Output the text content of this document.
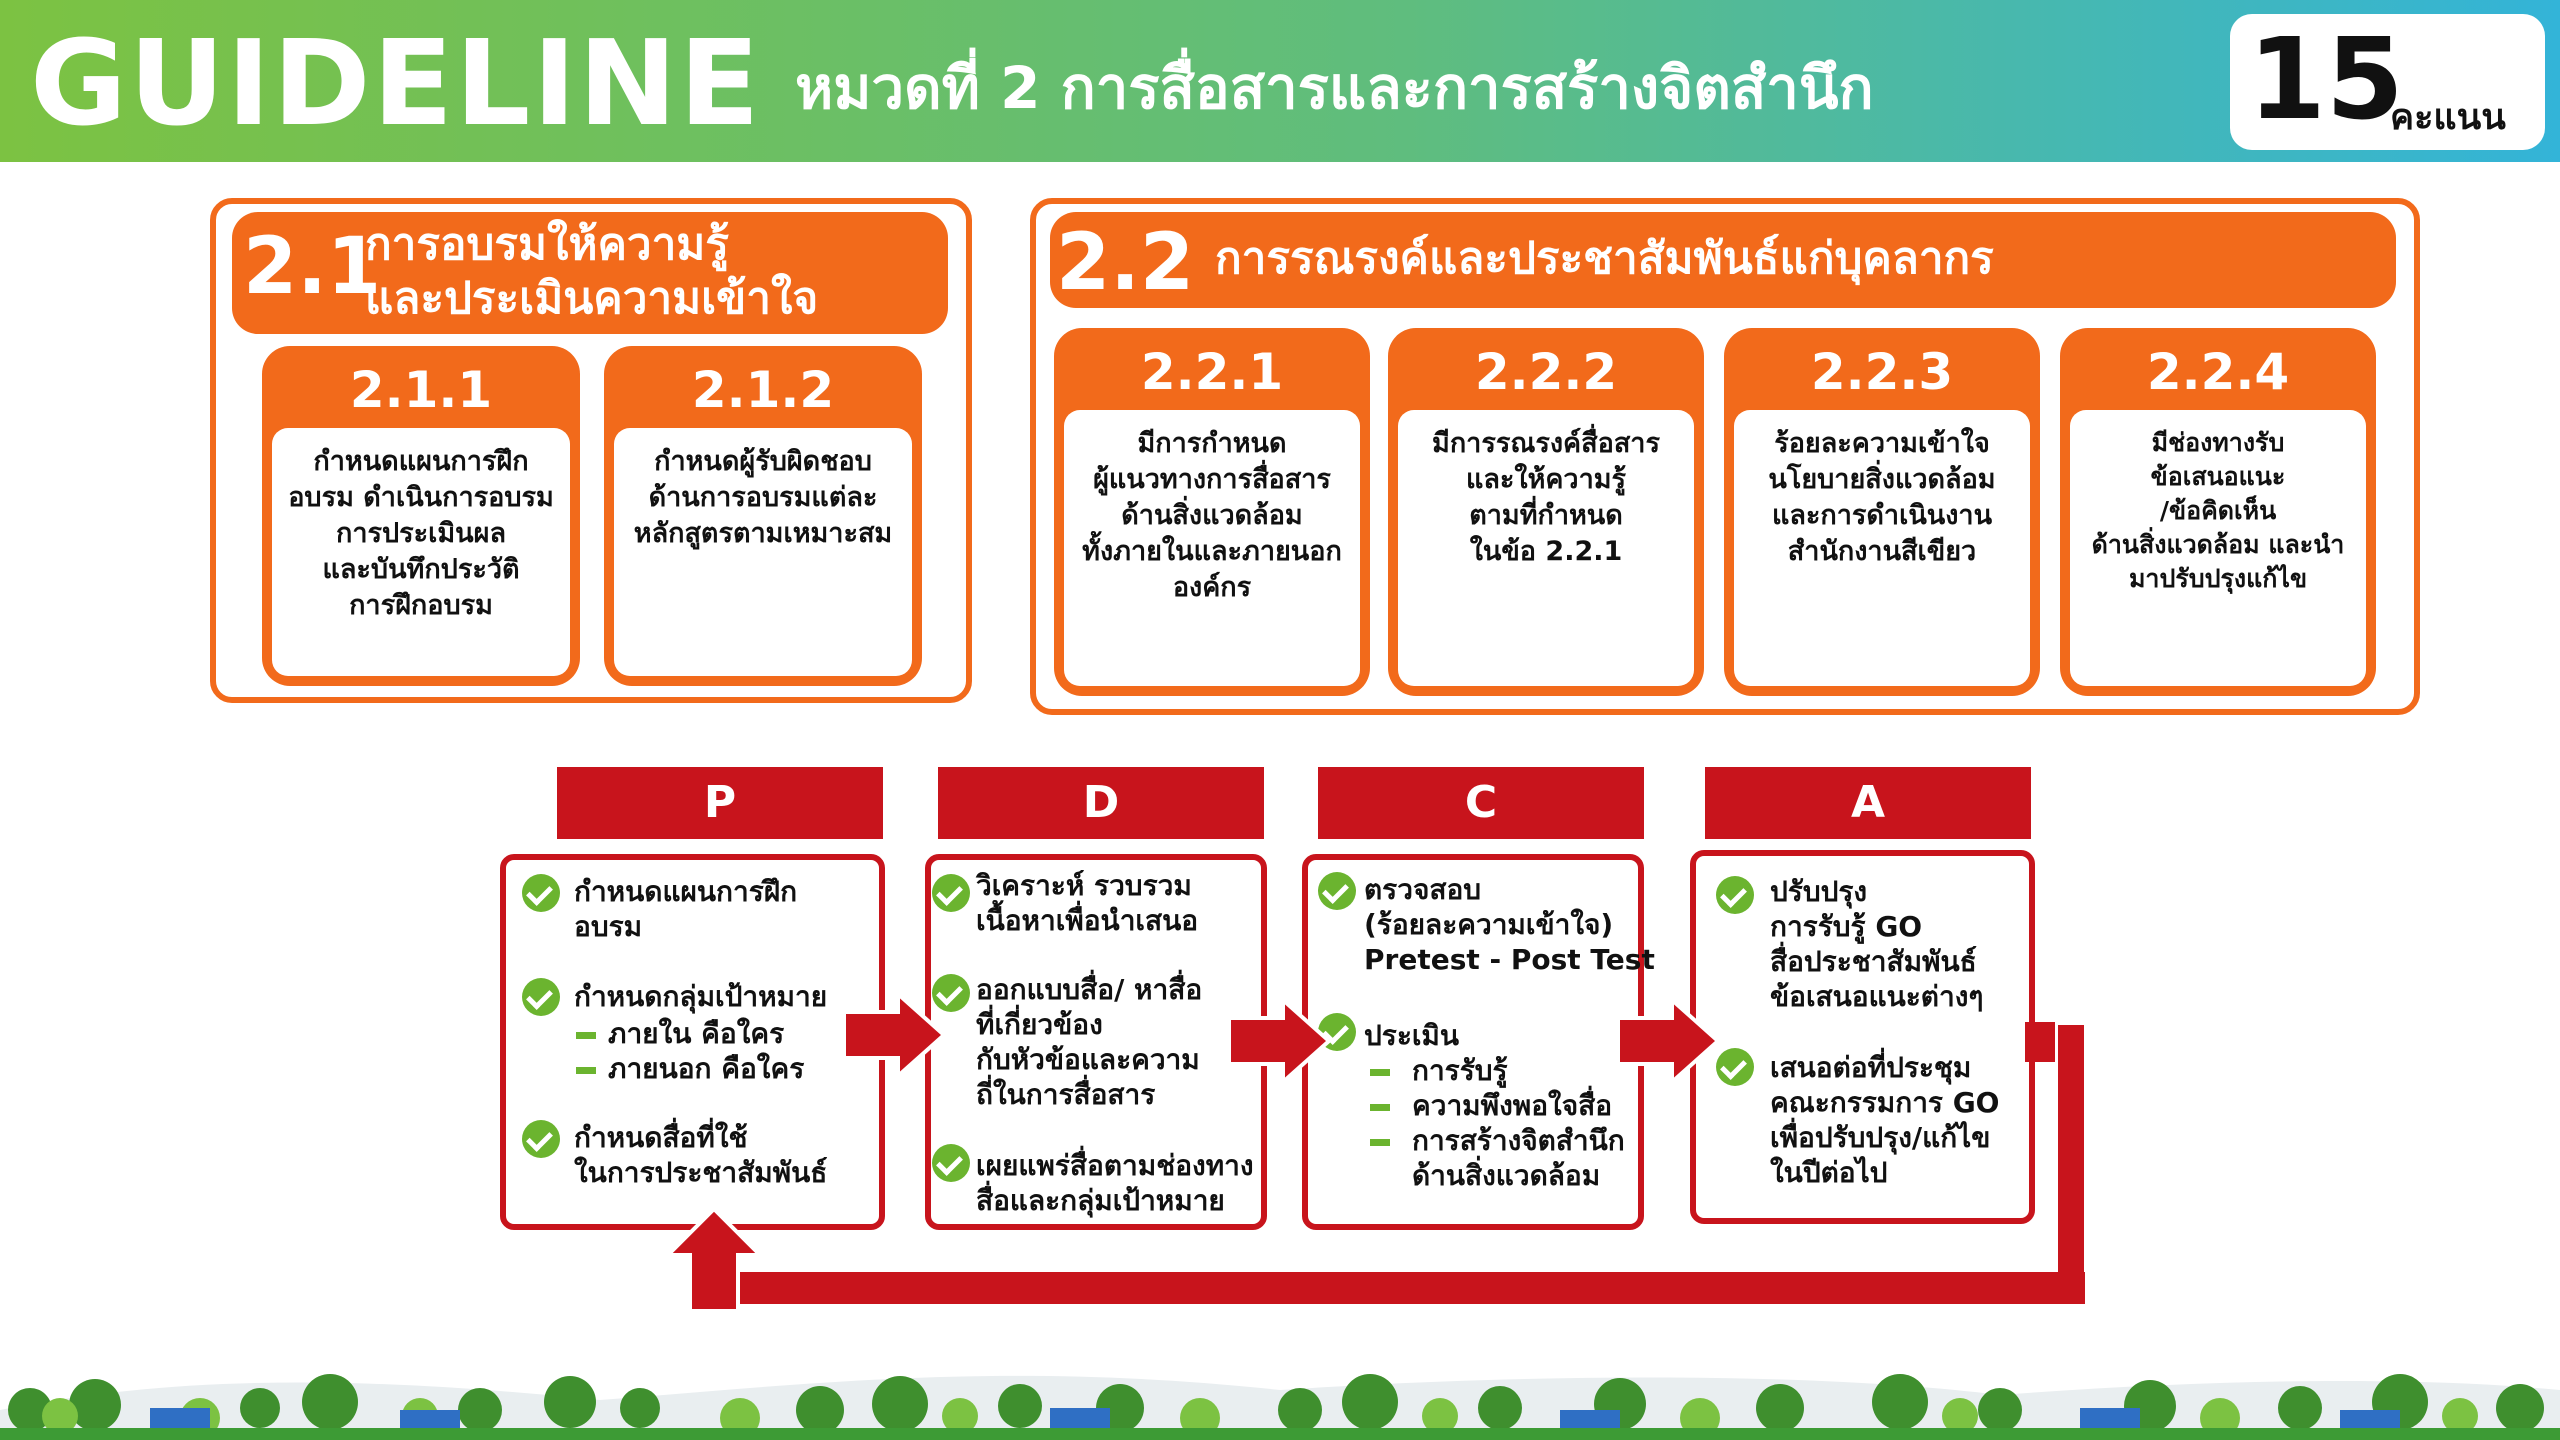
GUIDELINE หมวดที่ 2 การสื่อสารและการสร้างจิตสำนึก	15
คะแนน
2.1
การอบรมให้ความรู้
และประเมินความเข้าใจ
2.1.1
กำหนดแผนการฝึก
อบรม ดำเนินการอบรม
การประเมินผล
และบันทึกประวัติ
การฝึกอบรม
2.1.2
กำหนดผู้รับผิดชอบ
ด้านการอบรมแต่ละ
หลักสูตรตามเหมาะสม
2.2 การรณรงค์และประชาสัมพันธ์แก่บุคลากร
2.2.1
มีการกำหนด
ผู้แนวทางการสื่อสาร
ด้านสิ่งแวดล้อม
ทั้งภายในและภายนอก
องค์กร
2.2.2
มีการรณรงค์สื่อสาร
และให้ความรู้
ตามที่กำหนด
ในข้อ 2.2.1
2.2.3
ร้อยละความเข้าใจ
นโยบายสิ่งแวดล้อม
และการดำเนินงาน
สำนักงานสีเขียว
2.2.4
มีช่องทางรับ
ข้อเสนอแนะ
/ข้อคิดเห็น
ด้านสิ่งแวดล้อม และนำ
มาปรับปรุงแก้ไข
P	D	C	A
กำหนดแผนการฝึก
อบรม
กำหนดกลุ่มเป้าหมาย
ภายใน คือใคร
ภายนอก คือใคร
กำหนดสื่อที่ใช้
ในการประชาสัมพันธ์
วิเคราะห์ รวบรวม
เนื้อหาเพื่อนำเสนอ
ออกแบบสื่อ/ หาสื่อ
ที่เกี่ยวข้อง
กับหัวข้อและความ
ถี่ในการสื่อสาร
เผยแพร่สื่อตามช่องทาง
สื่อและกลุ่มเป้าหมาย
ตรวจสอบ
(ร้อยละความเข้าใจ)
Pretest - Post Test
ประเมิน
การรับรู้
ความพึงพอใจสื่อ
การสร้างจิตสำนึก
ด้านสิ่งแวดล้อม
ปรับปรุง
การรับรู้ GO
สื่อประชาสัมพันธ์
ข้อเสนอแนะต่างๆ
เสนอต่อที่ประชุม
คณะกรรมการ GO
เพื่อปรับปรุง/แก้ไข
ในปีต่อไป
